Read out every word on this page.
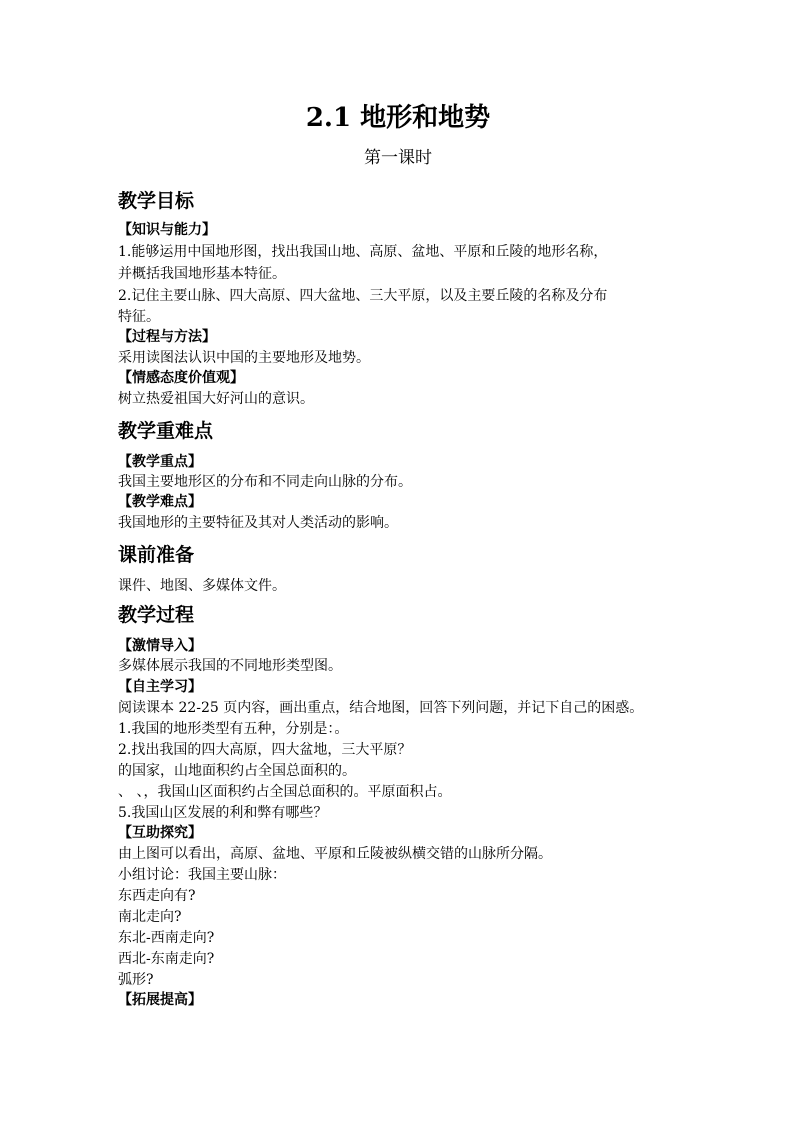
2.1 地形和地势
第一课时
教学目标
【知识与能力】
1.能够运用中国地形图，找出我国山地、高原、盆地、平原和丘陵的地形名称，
并概括我国地形基本特征。
2.记住主要山脉、四大高原、四大盆地、三大平原，以及主要丘陵的名称及分布
特征。
【过程与方法】
采用读图法认识中国的主要地形及地势。
【情感态度价值观】
树立热爱祖国大好河山的意识。
教学重难点
【教学重点】
我国主要地形区的分布和不同走向山脉的分布。
【教学难点】
我国地形的主要特征及其对人类活动的影响。
课前准备
课件、地图、多媒体文件。
教学过程
【激情导入】
多媒体展示我国的不同地形类型图。
【自主学习】
阅读课本 22-25 页内容，画出重点，结合地图，回答下列问题，并记下自己的困惑。
1.我国的地形类型有五种，分别是：。
2.找出我国的四大高原，四大盆地，三大平原？
的国家，山地面积约占全国总面积的。
、 、，我国山区面积约占全国总面积的。平原面积占。
5.我国山区发展的利和弊有哪些？
【互助探究】
由上图可以看出，高原、盆地、平原和丘陵被纵横交错的山脉所分隔。
小组讨论：我国主要山脉：
东西走向有?
南北走向?
东北-西南走向?
西北-东南走向?
弧形?
【拓展提高】
